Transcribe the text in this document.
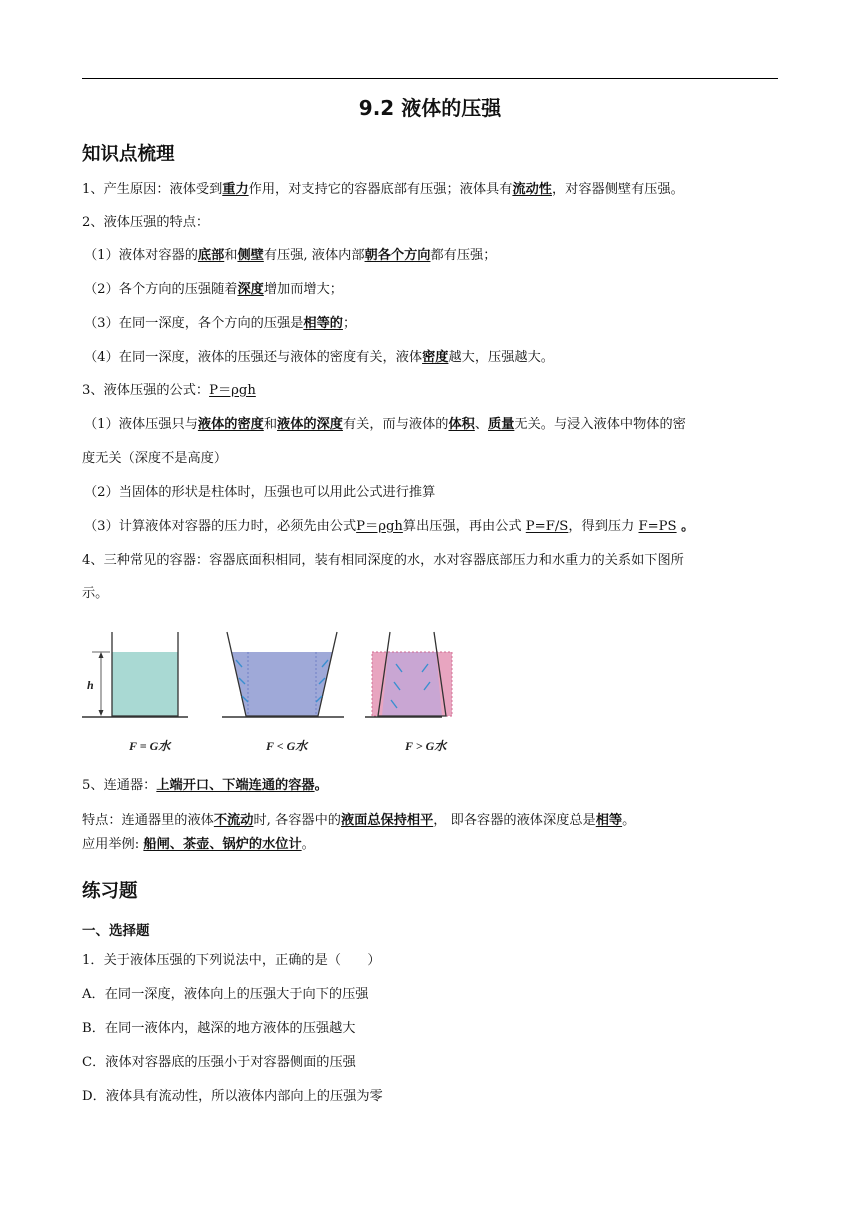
9.2 液体的压强
知识点梳理
1、产生原因：液体受到重力作用，对支持它的容器底部有压强；液体具有流动性，对容器侧壁有压强。
2、液体压强的特点：
（1）液体对容器的底部和侧壁有压强, 液体内部朝各个方向都有压强；
（2）各个方向的压强随着深度增加而增大；
（3）在同一深度，各个方向的压强是相等的；
（4）在同一深度，液体的压强还与液体的密度有关，液体密度越大，压强越大。
3、液体压强的公式：P＝ρgh
（1）液体压强只与液体的密度和液体的深度有关，而与液体的体积、质量无关。与浸入液体中物体的密
度无关（深度不是高度）
（2）当固体的形状是柱体时，压强也可以用此公式进行推算
（3）计算液体对容器的压力时，必须先由公式P＝ρgh算出压强，再由公式 P=F/S，得到压力 F=PS 。
4、三种常见的容器：容器底面积相同，装有相同深度的水，水对容器底部压力和水重力的关系如下图所
示。
h
F = G水	F < G水	F > G水
5、连通器：上端开口、下端连通的容器。
特点：连通器里的液体不流动时, 各容器中的液面总保持相平， 即各容器的液体深度总是相等。
应用举例: 船闸、茶壶、锅炉的水位计。
练习题
一、选择题
1．关于液体压强的下列说法中，正确的是（　　）
A．在同一深度，液体向上的压强大于向下的压强
B．在同一液体内，越深的地方液体的压强越大
C．液体对容器底的压强小于对容器侧面的压强
D．液体具有流动性，所以液体内部向上的压强为零
